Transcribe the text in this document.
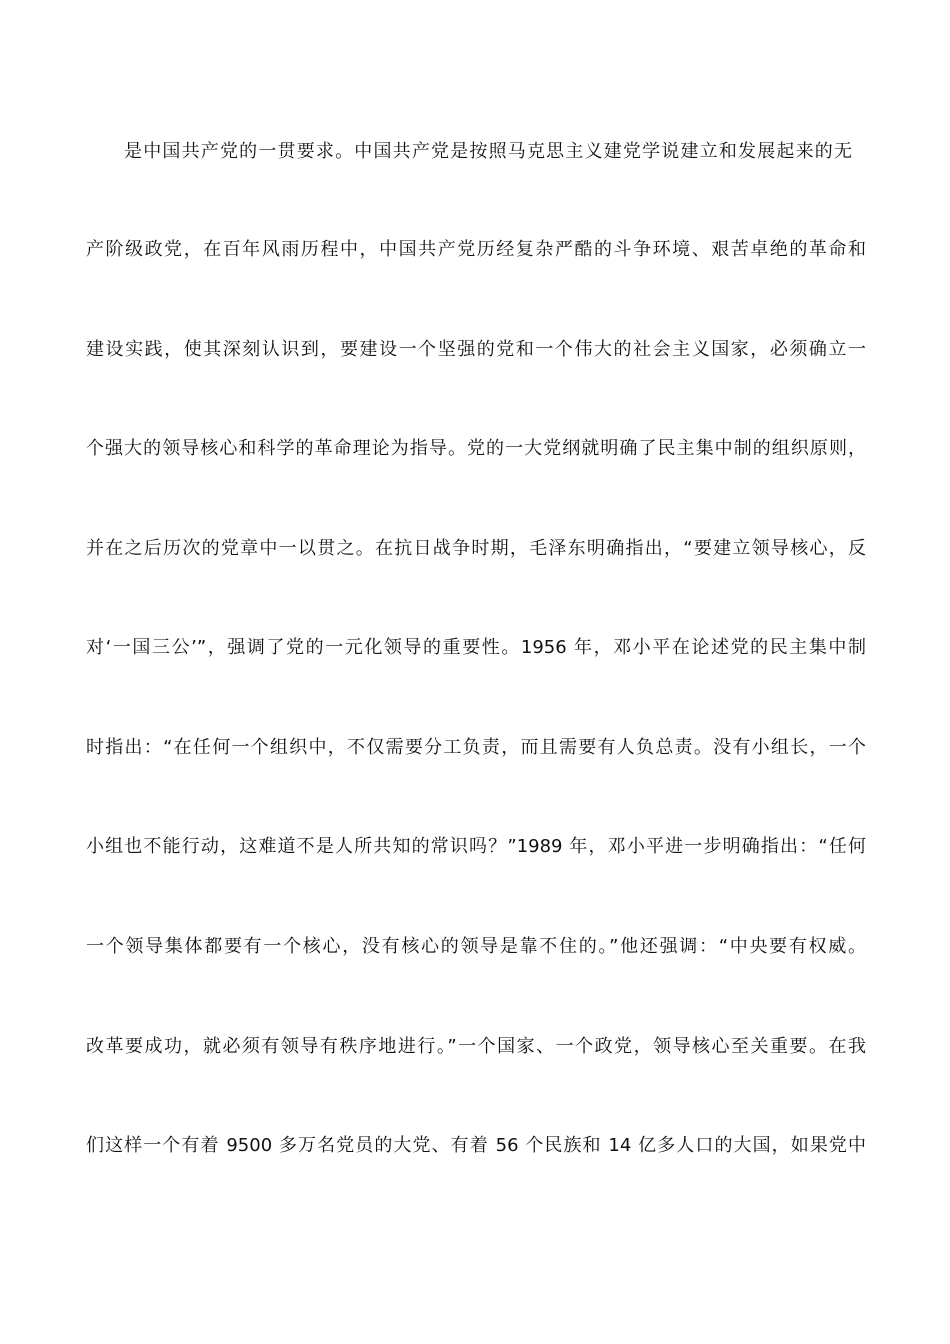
是中国共产党的一贯要求。中国共产党是按照马克思主义建党学说建立和发展起来的无
产阶级政党，在百年风雨历程中，中国共产党历经复杂严酷的斗争环境、艰苦卓绝的革命和
建设实践，使其深刻认识到，要建设一个坚强的党和一个伟大的社会主义国家，必须确立一
个强大的领导核心和科学的革命理论为指导。党的一大党纲就明确了民主集中制的组织原则，
并在之后历次的党章中一以贯之。在抗日战争时期，毛泽东明确指出，“要建立领导核心，反
对‘一国三公’”，强调了党的一元化领导的重要性。1956 年，邓小平在论述党的民主集中制
时指出：“在任何一个组织中，不仅需要分工负责，而且需要有人负总责。没有小组长，一个
小组也不能行动，这难道不是人所共知的常识吗？”1989 年，邓小平进一步明确指出：“任何
一个领导集体都要有一个核心，没有核心的领导是靠不住的。”他还强调：“中央要有权威。
改革要成功，就必须有领导有秩序地进行。”一个国家、一个政党，领导核心至关重要。在我
们这样一个有着 9500 多万名党员的大党、有着 56 个民族和 14 亿多人口的大国，如果党中
